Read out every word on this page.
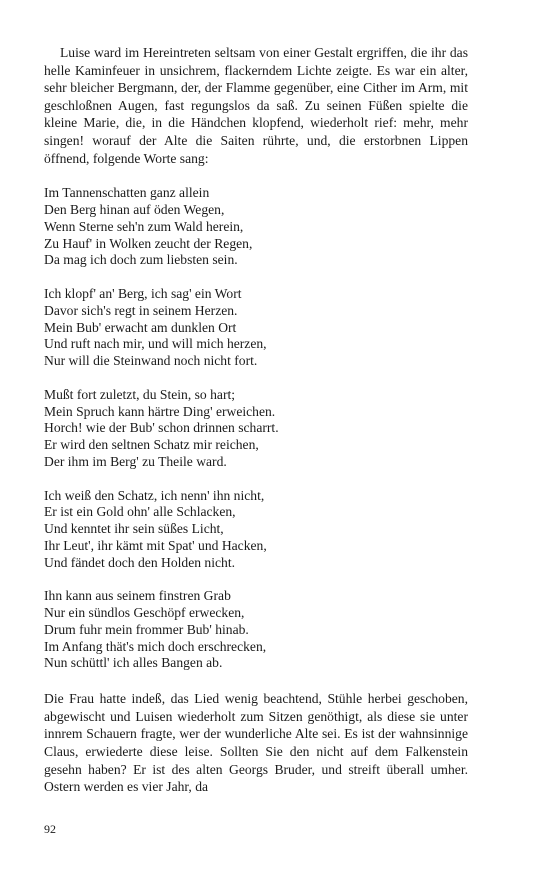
Luise ward im Hereintreten seltsam von einer Gestalt ergriffen, die ihr das helle Kaminfeuer in unsichrem, flackerndem Lichte zeigte. Es war ein alter, sehr bleicher Bergmann, der, der Flamme gegenüber, eine Cither im Arm, mit geschloßnen Augen, fast regungslos da saß. Zu seinen Füßen spielte die kleine Marie, die, in die Händchen klopfend, wiederholt rief: mehr, mehr singen! worauf der Alte die Saiten rührte, und, die erstorbnen Lippen öffnend, folgende Worte sang:

Im Tannenschatten ganz allein
Den Berg hinan auf öden Wegen,
Wenn Sterne seh'n zum Wald herein,
Zu Hauf' in Wolken zeucht der Regen,
Da mag ich doch zum liebsten sein.
Ich klopf' an' Berg, ich sag' ein Wort
Davor sich's regt in seinem Herzen.
Mein Bub' erwacht am dunklen Ort
Und ruft nach mir, und will mich herzen,
Nur will die Steinwand noch nicht fort.
Mußt fort zuletzt, du Stein, so hart;
Mein Spruch kann härtre Ding' erweichen.
Horch! wie der Bub' schon drinnen scharrt.
Er wird den seltnen Schatz mir reichen,
Der ihm im Berg' zu Theile ward.
Ich weiß den Schatz, ich nenn' ihn nicht,
Er ist ein Gold ohn' alle Schlacken,
Und kenntet ihr sein süßes Licht,
Ihr Leut', ihr kämt mit Spat' und Hacken,
Und fändet doch den Holden nicht.
Ihn kann aus seinem finstren Grab
Nur ein sündlos Geschöpf erwecken,
Drum fuhr mein frommer Bub' hinab.
Im Anfang thät's mich doch erschrecken,
Nun schüttl' ich alles Bangen ab.

Die Frau hatte indeß, das Lied wenig beachtend, Stühle herbei geschoben, abgewischt und Luisen wiederholt zum Sitzen genöthigt, als diese sie unter innrem Schauern fragte, wer der wunderliche Alte sei. Es ist der wahnsinnige Claus, erwiederte diese leise. Sollten Sie den nicht auf dem Falkenstein gesehn haben? Er ist des alten Georgs Bruder, und streift überall umher. Ostern werden es vier Jahr, da

92
